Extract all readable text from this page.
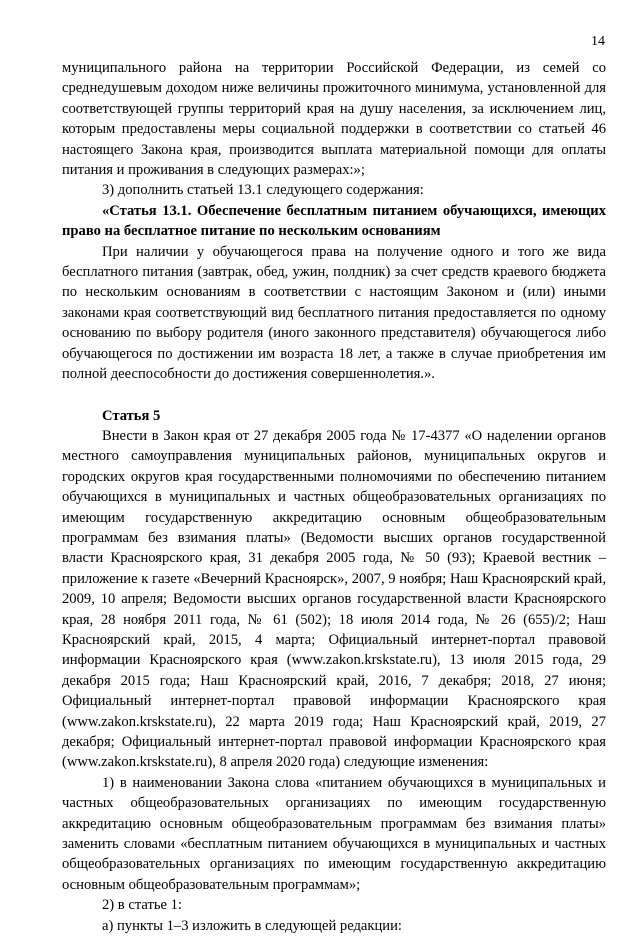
14

муниципального района на территории Российской Федерации, из семей со среднедушевым доходом ниже величины прожиточного минимума, установленной для соответствующей группы территорий края на душу населения, за исключением лиц, которым предоставлены меры социальной поддержки в соответствии со статьей 46 настоящего Закона края, производится выплата материальной помощи для оплаты питания и проживания в следующих размерах:»;

3) дополнить статьей 13.1 следующего содержания:

«Статья 13.1. Обеспечение бесплатным питанием обучающихся, имеющих право на бесплатное питание по нескольким основаниям

При наличии у обучающегося права на получение одного и того же вида бесплатного питания (завтрак, обед, ужин, полдник) за счет средств краевого бюджета по нескольким основаниям в соответствии с настоящим Законом и (или) иными законами края соответствующий вид бесплатного питания предоставляется по одному основанию по выбору родителя (иного законного представителя) обучающегося либо обучающегося по достижении им возраста 18 лет, а также в случае приобретения им полной дееспособности до достижения совершеннолетия.».

Статья 5

Внести в Закон края от 27 декабря 2005 года № 17-4377 «О наделении органов местного самоуправления муниципальных районов, муниципальных округов и городских округов края государственными полномочиями по обеспечению питанием обучающихся в муниципальных и частных общеобразовательных организациях по имеющим государственную аккредитацию основным общеобразовательным программам без взимания платы» (Ведомости высших органов государственной власти Красноярского края, 31 декабря 2005 года, № 50 (93); Краевой вестник – приложение к газете «Вечерний Красноярск», 2007, 9 ноября; Наш Красноярский край, 2009, 10 апреля; Ведомости высших органов государственной власти Красноярского края, 28 ноября 2011 года, № 61 (502); 18 июля 2014 года, № 26 (655)/2; Наш Красноярский край, 2015, 4 марта; Официальный интернет-портал правовой информации Красноярского края (www.zakon.krskstate.ru), 13 июля 2015 года, 29 декабря 2015 года; Наш Красноярский край, 2016, 7 декабря; 2018, 27 июня; Официальный интернет-портал правовой информации Красноярского края (www.zakon.krskstate.ru), 22 марта 2019 года; Наш Красноярский край, 2019, 27 декабря; Официальный интернет-портал правовой информации Красноярского края (www.zakon.krskstate.ru), 8 апреля 2020 года) следующие изменения:

1) в наименовании Закона слова «питанием обучающихся в муниципальных и частных общеобразовательных организациях по имеющим государственную аккредитацию основным общеобразовательным программам без взимания платы» заменить словами «бесплатным питанием обучающихся в муниципальных и частных общеобразовательных организациях по имеющим государственную аккредитацию основным общеобразовательным программам»;

2) в статье 1:

а) пункты 1–3 изложить в следующей редакции:
